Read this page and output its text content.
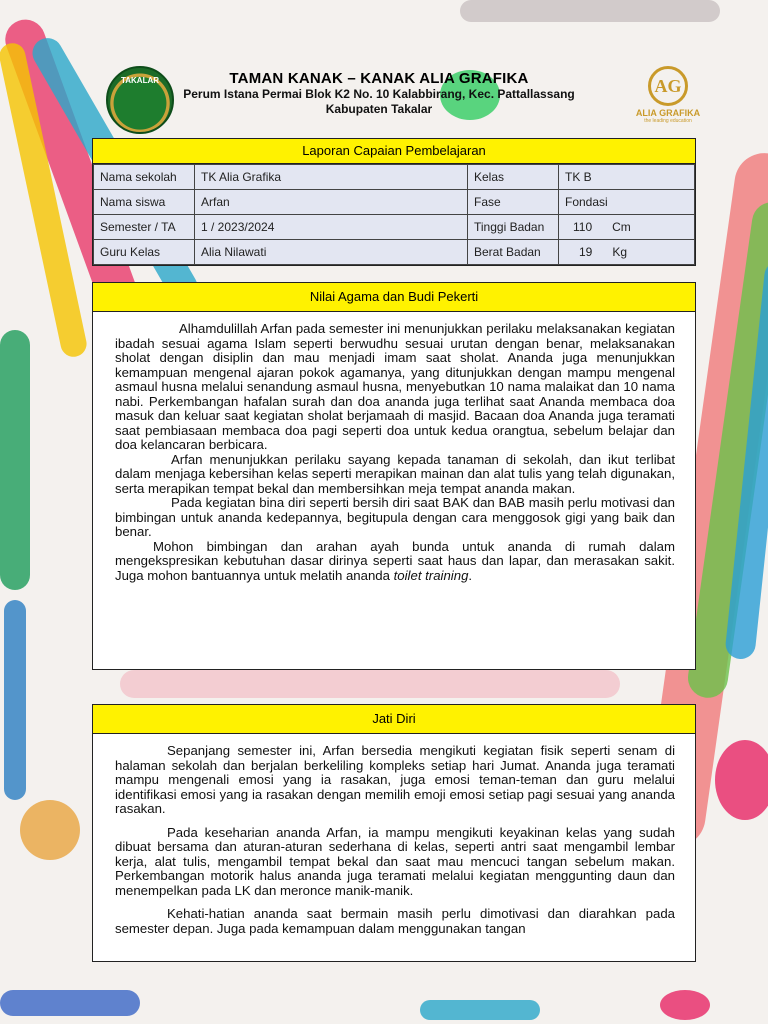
TAKALAR	TAMAN KANAK – KANAK ALIA GRAFIKA
Perum Istana Permai Blok K2 No. 10 Kalabbirang, Kec. Pattallassang
Kabupaten Takalar
AG
ALIA GRAFIKA
the leading education
Laporan Capaian Pembelajaran
Nama sekolah	TK Alia Grafika	Kelas	TK B
Nama siswa	Arfan	Fase	Fondasi
Semester / TA	1 / 2023/2024	Tinggi Badan	110      Cm
Guru Kelas	Alia Nilawati	Berat Badan	19      Kg
Nilai Agama dan Budi Pekerti

Alhamdulillah Arfan pada semester ini menunjukkan perilaku melaksanakan kegiatan ibadah sesuai agama Islam seperti berwudhu sesuai urutan dengan benar, melaksanakan sholat dengan disiplin dan mau menjadi imam saat sholat. Ananda juga menunjukkan kemampuan mengenal ajaran pokok agamanya, yang ditunjukkan dengan mampu mengenal asmaul husna melalui senandung asmaul husna, menyebutkan 10 nama malaikat dan 10 nama nabi. Perkembangan hafalan surah dan doa ananda juga terlihat saat Ananda membaca doa masuk dan keluar saat kegiatan sholat berjamaah di masjid. Bacaan doa Ananda juga teramati saat pembiasaan membaca doa pagi seperti doa untuk kedua orangtua, sebelum belajar dan doa kelancaran berbicara.

Arfan menunjukkan perilaku sayang kepada tanaman di sekolah, dan ikut terlibat dalam menjaga kebersihan kelas seperti merapikan mainan dan alat tulis yang telah digunakan, serta merapikan tempat bekal dan membersihkan meja tempat ananda makan.

Pada kegiatan bina diri seperti bersih diri saat BAK dan BAB masih perlu motivasi dan bimbingan untuk ananda kedepannya, begitupula dengan cara menggosok gigi yang baik dan benar.

Mohon bimbingan dan arahan ayah bunda untuk ananda di rumah dalam mengekspresikan kebutuhan dasar dirinya seperti saat haus dan lapar, dan merasakan sakit. Juga mohon bantuannya untuk melatih ananda toilet training.

Jati Diri

Sepanjang semester ini, Arfan bersedia mengikuti kegiatan fisik seperti senam di halaman sekolah dan berjalan berkeliling kompleks setiap hari Jumat. Ananda juga teramati mampu mengenali emosi yang ia rasakan, juga emosi teman-teman dan guru melalui identifikasi emosi yang ia rasakan dengan memilih emoji emosi setiap pagi sesuai yang ananda rasakan.

Pada keseharian ananda Arfan, ia mampu mengikuti keyakinan kelas yang sudah dibuat bersama dan aturan-aturan sederhana di kelas, seperti antri saat mengambil lembar kerja, alat tulis, mengambil tempat bekal dan saat mau mencuci tangan sebelum makan. Perkembangan motorik halus ananda juga teramati melalui kegiatan menggunting daun dan menempelkan pada LK dan meronce manik-manik.

Kehati-hatian ananda saat bermain masih perlu dimotivasi dan diarahkan pada semester depan. Juga pada kemampuan dalam menggunakan tangan
